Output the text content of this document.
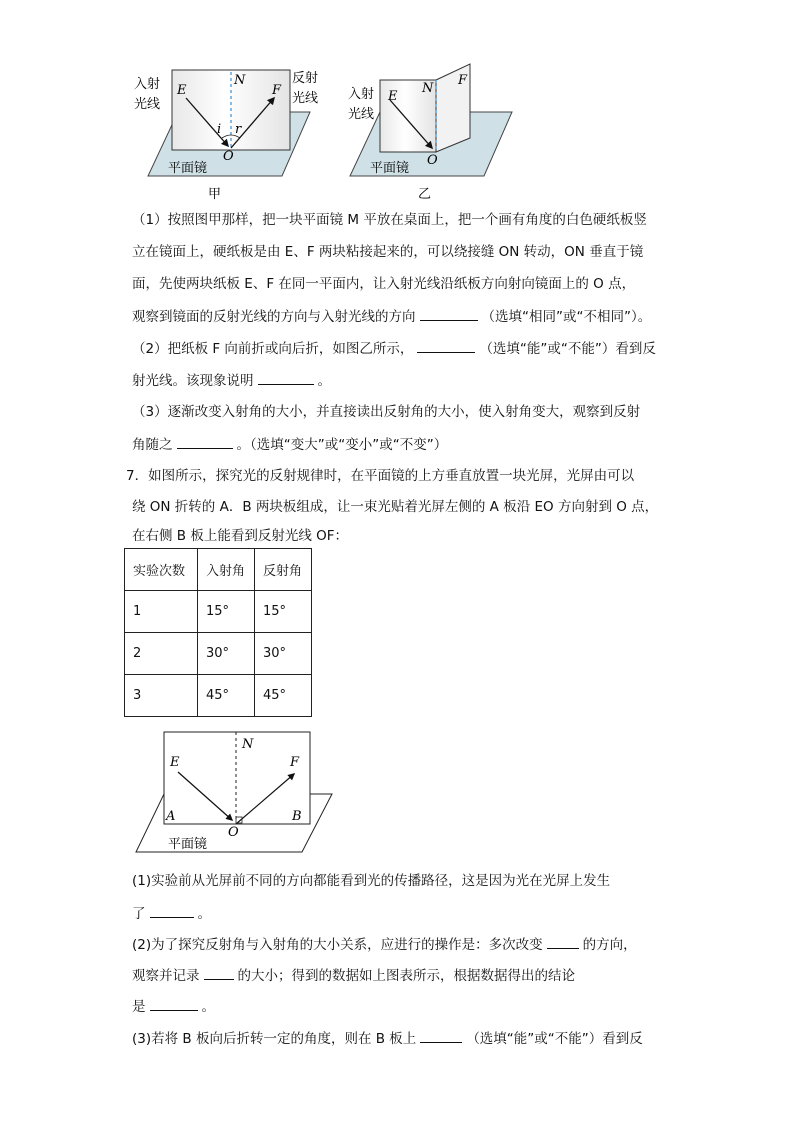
入射
光线
反射
光线
E
N
F
i r
O
平面镜
甲
入射
光线
E
N
F
O
平面镜
乙
（1）按照图甲那样，把一块平面镜 M 平放在桌面上，把一个画有角度的白色硬纸板竖
立在镜面上，硬纸板是由 E、F 两块粘接起来的，可以绕接缝 ON 转动，ON 垂直于镜
面，先使两块纸板 E、F 在同一平面内，让入射光线沿纸板方向射向镜面上的 O 点，
观察到镜面的反射光线的方向与入射光线的方向	（选填“相同”或“不相同”）。
（2）把纸板 F 向前折或向后折，如图乙所示，	（选填“能”或“不能”）看到反
射光线。该现象说明	。
（3）逐渐改变入射角的大小，并直接读出反射角的大小，使入射角变大，观察到反射
角随之	。（选填“变大”或“变小”或“不变”）
7．如图所示，探究光的反射规律时，在平面镜的上方垂直放置一块光屏，光屏由可以
绕 ON 折转的 A．B 两块板组成，让一束光贴着光屏左侧的 A 板沿 EO 方向射到 O 点，
在右侧 B 板上能看到反射光线 OF：
实验次数	入射角	反射角
1	15°	15°
2	30°	30°
3	45°	45°
E
N
F
A	B
O
平面镜
(1)实验前从光屏前不同的方向都能看到光的传播路径，这是因为光在光屏上发生
了	。
(2)为了探究反射角与入射角的大小关系，应进行的操作是：多次改变	的方向，
观察并记录	的大小；得到的数据如上图表所示，根据数据得出的结论
是	。
(3)若将 B 板向后折转一定的角度，则在 B 板上	（选填“能”或“不能”）看到反
